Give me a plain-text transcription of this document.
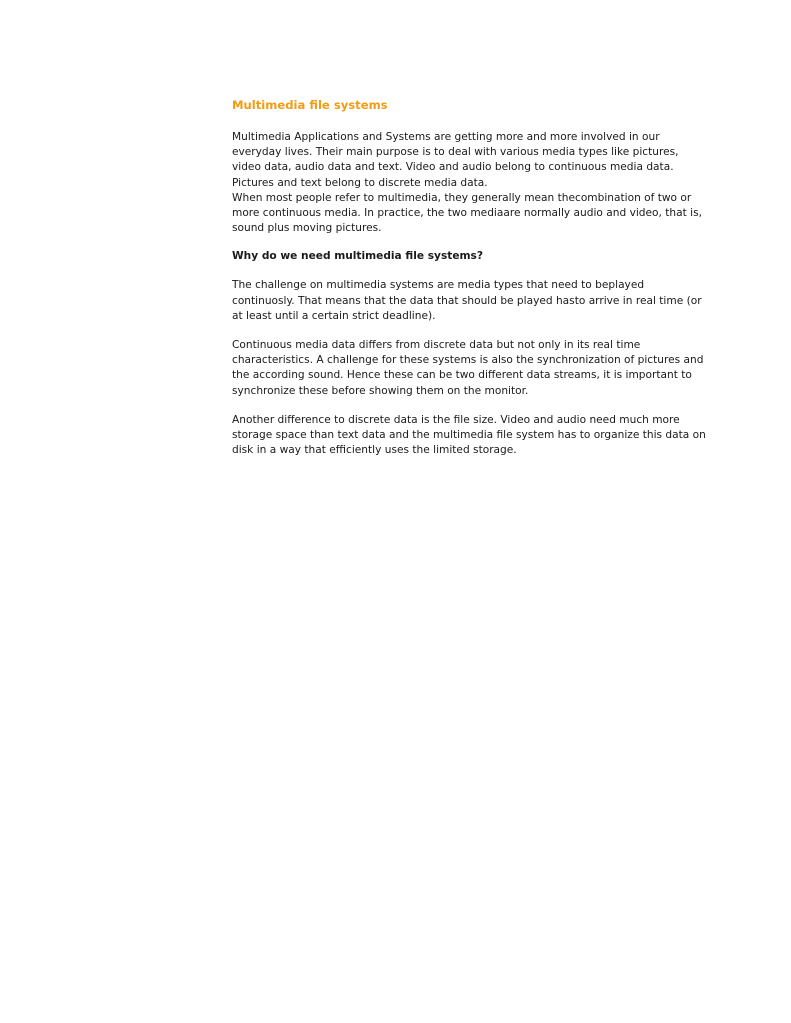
Multimedia file systems

Multimedia Applications and Systems are getting more and more involved in our
everyday lives. Their main purpose is to deal with various media types like pictures,
video data, audio data and text. Video and audio belong to continuous media data.
Pictures and text belong to discrete media data.
When most people refer to multimedia, they generally mean thecombination of two or
more continuous media. In practice, the two mediaare normally audio and video, that is,
sound plus moving pictures.

Why do we need multimedia file systems?

The challenge on multimedia systems are media types that need to beplayed
continuosly. That means that the data that should be played hasto arrive in real time (or
at least until a certain strict deadline).

Continuous media data differs from discrete data but not only in its real time
characteristics. A challenge for these systems is also the synchronization of pictures and
the according sound. Hence these can be two different data streams, it is important to
synchronize these before showing them on the monitor.

Another difference to discrete data is the file size. Video and audio need much more
storage space than text data and the multimedia file system has to organize this data on
disk in a way that efficiently uses the limited storage.
